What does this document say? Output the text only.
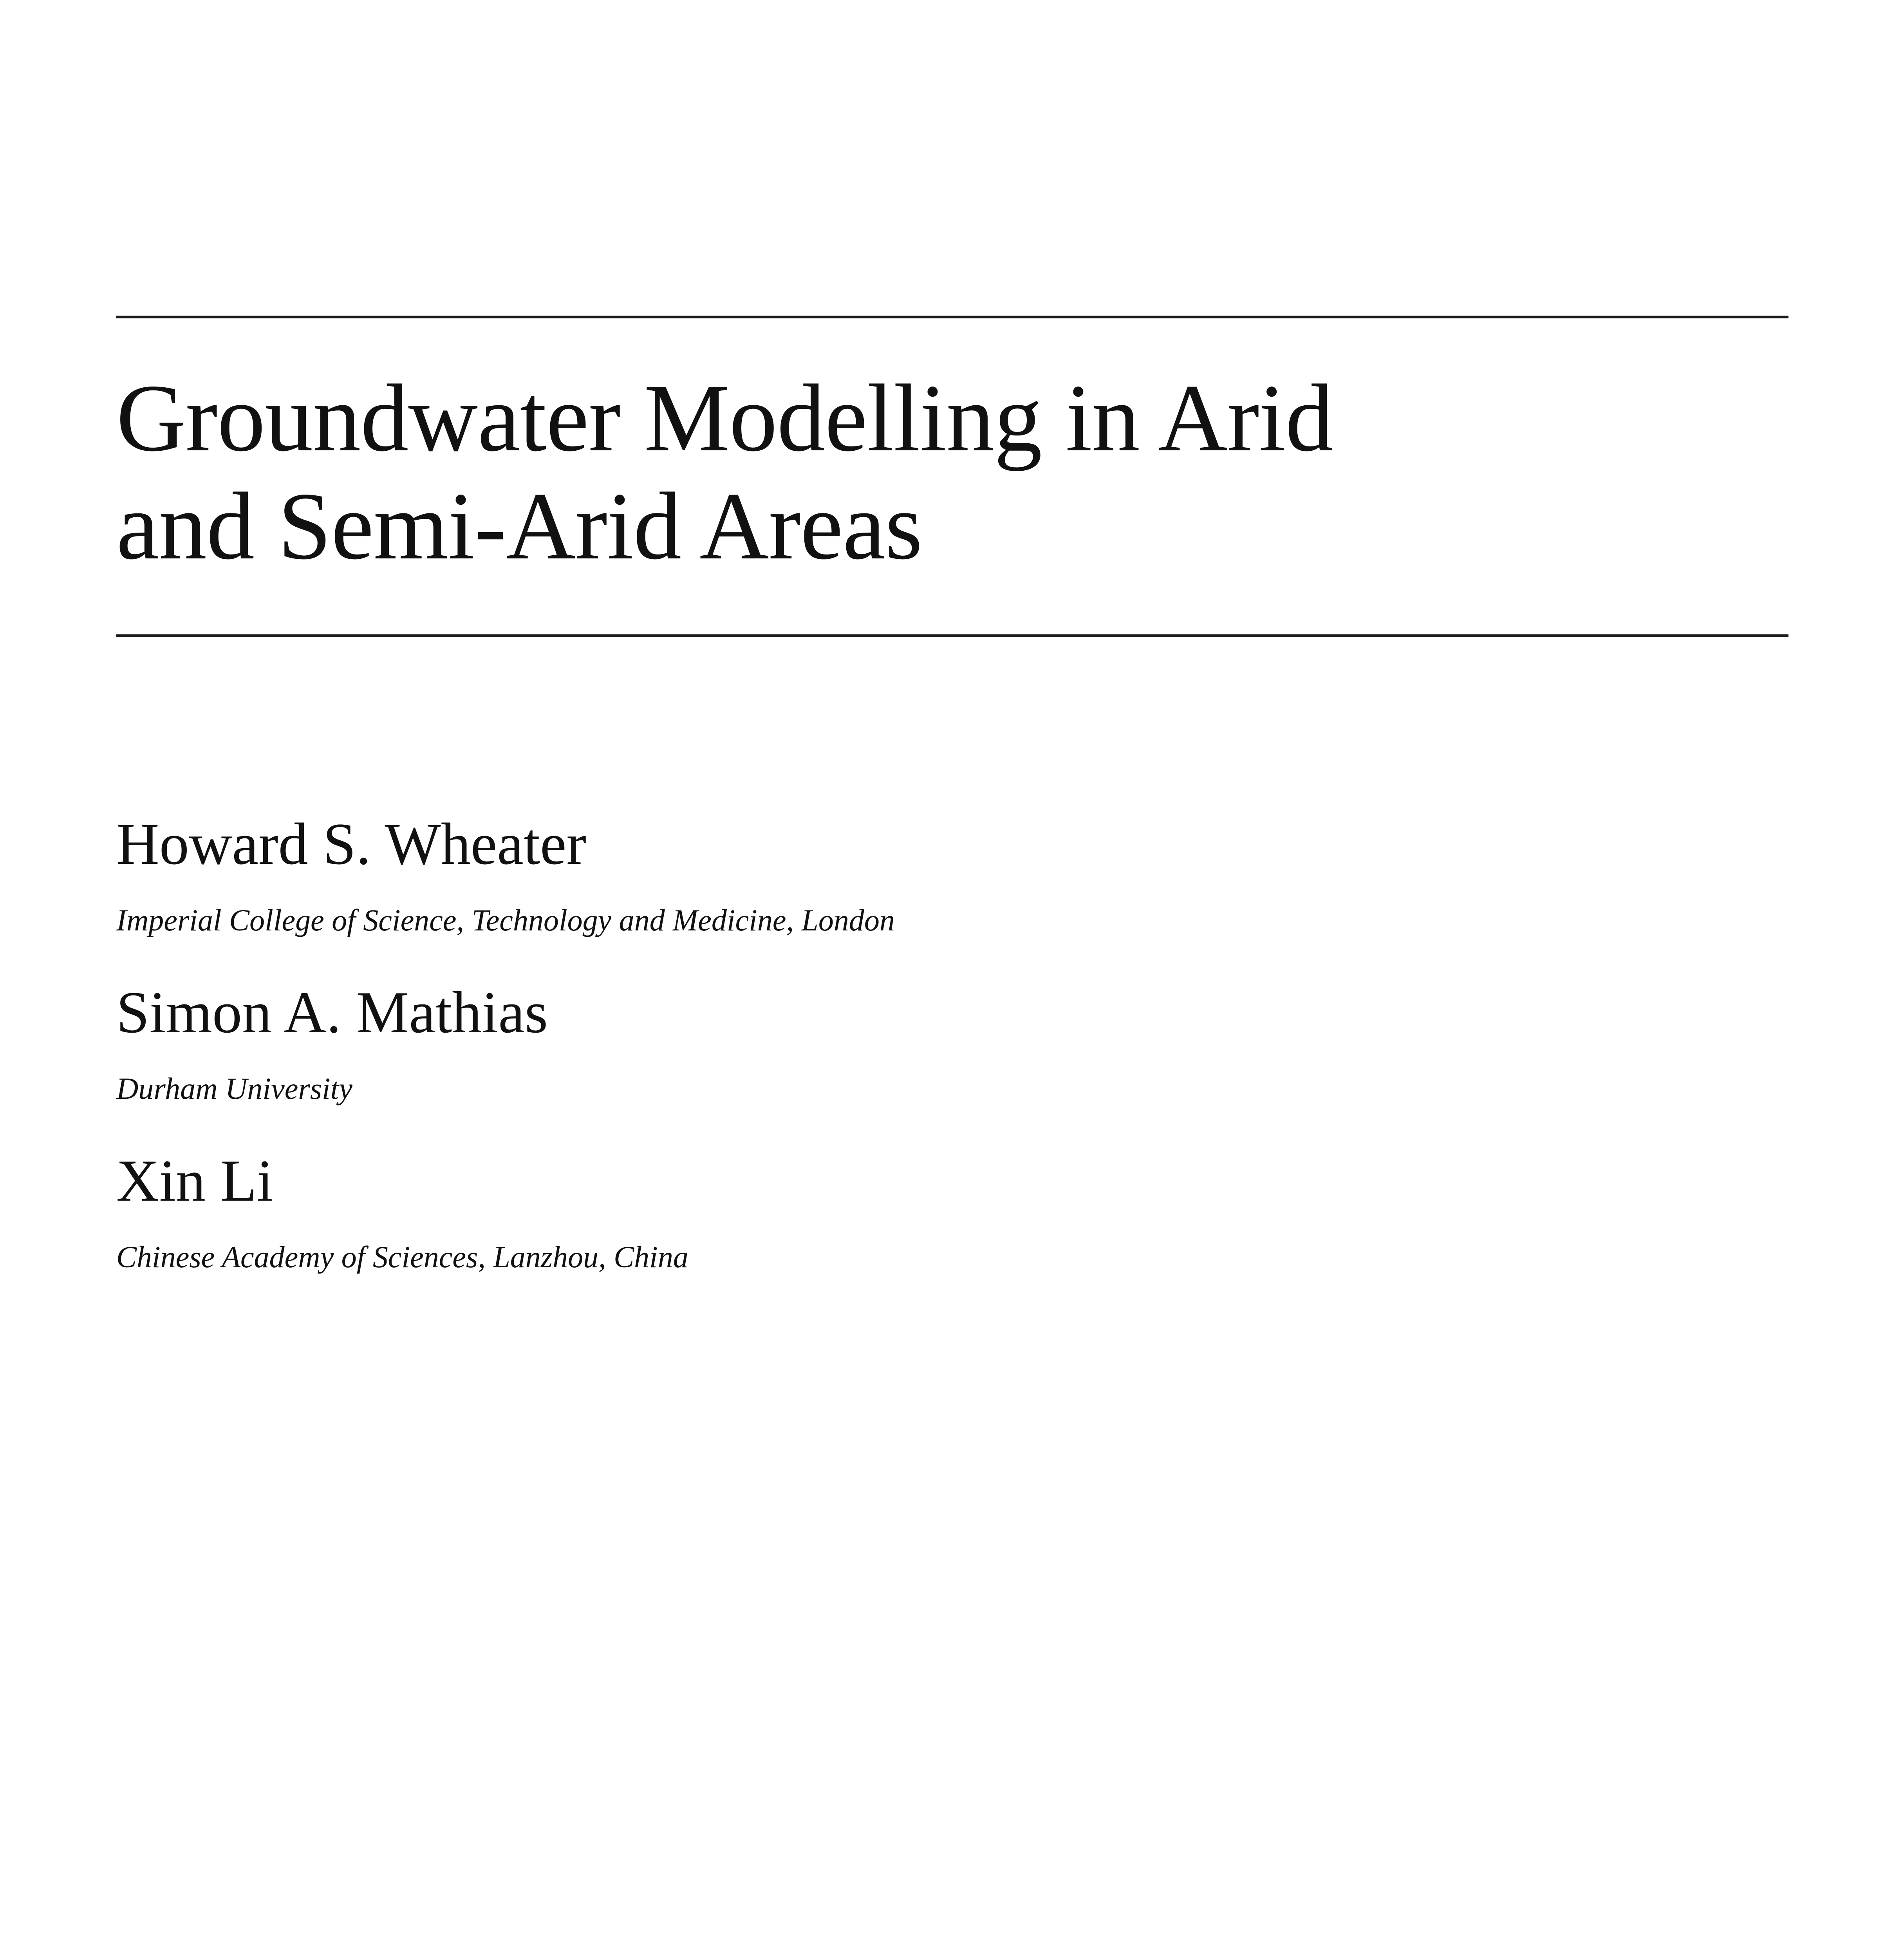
Groundwater Modelling in Arid
and Semi-Arid Areas

Howard S. Wheater

Imperial College of Science, Technology and Medicine, London

Simon A. Mathias

Durham University

Xin Li

Chinese Academy of Sciences, Lanzhou, China
